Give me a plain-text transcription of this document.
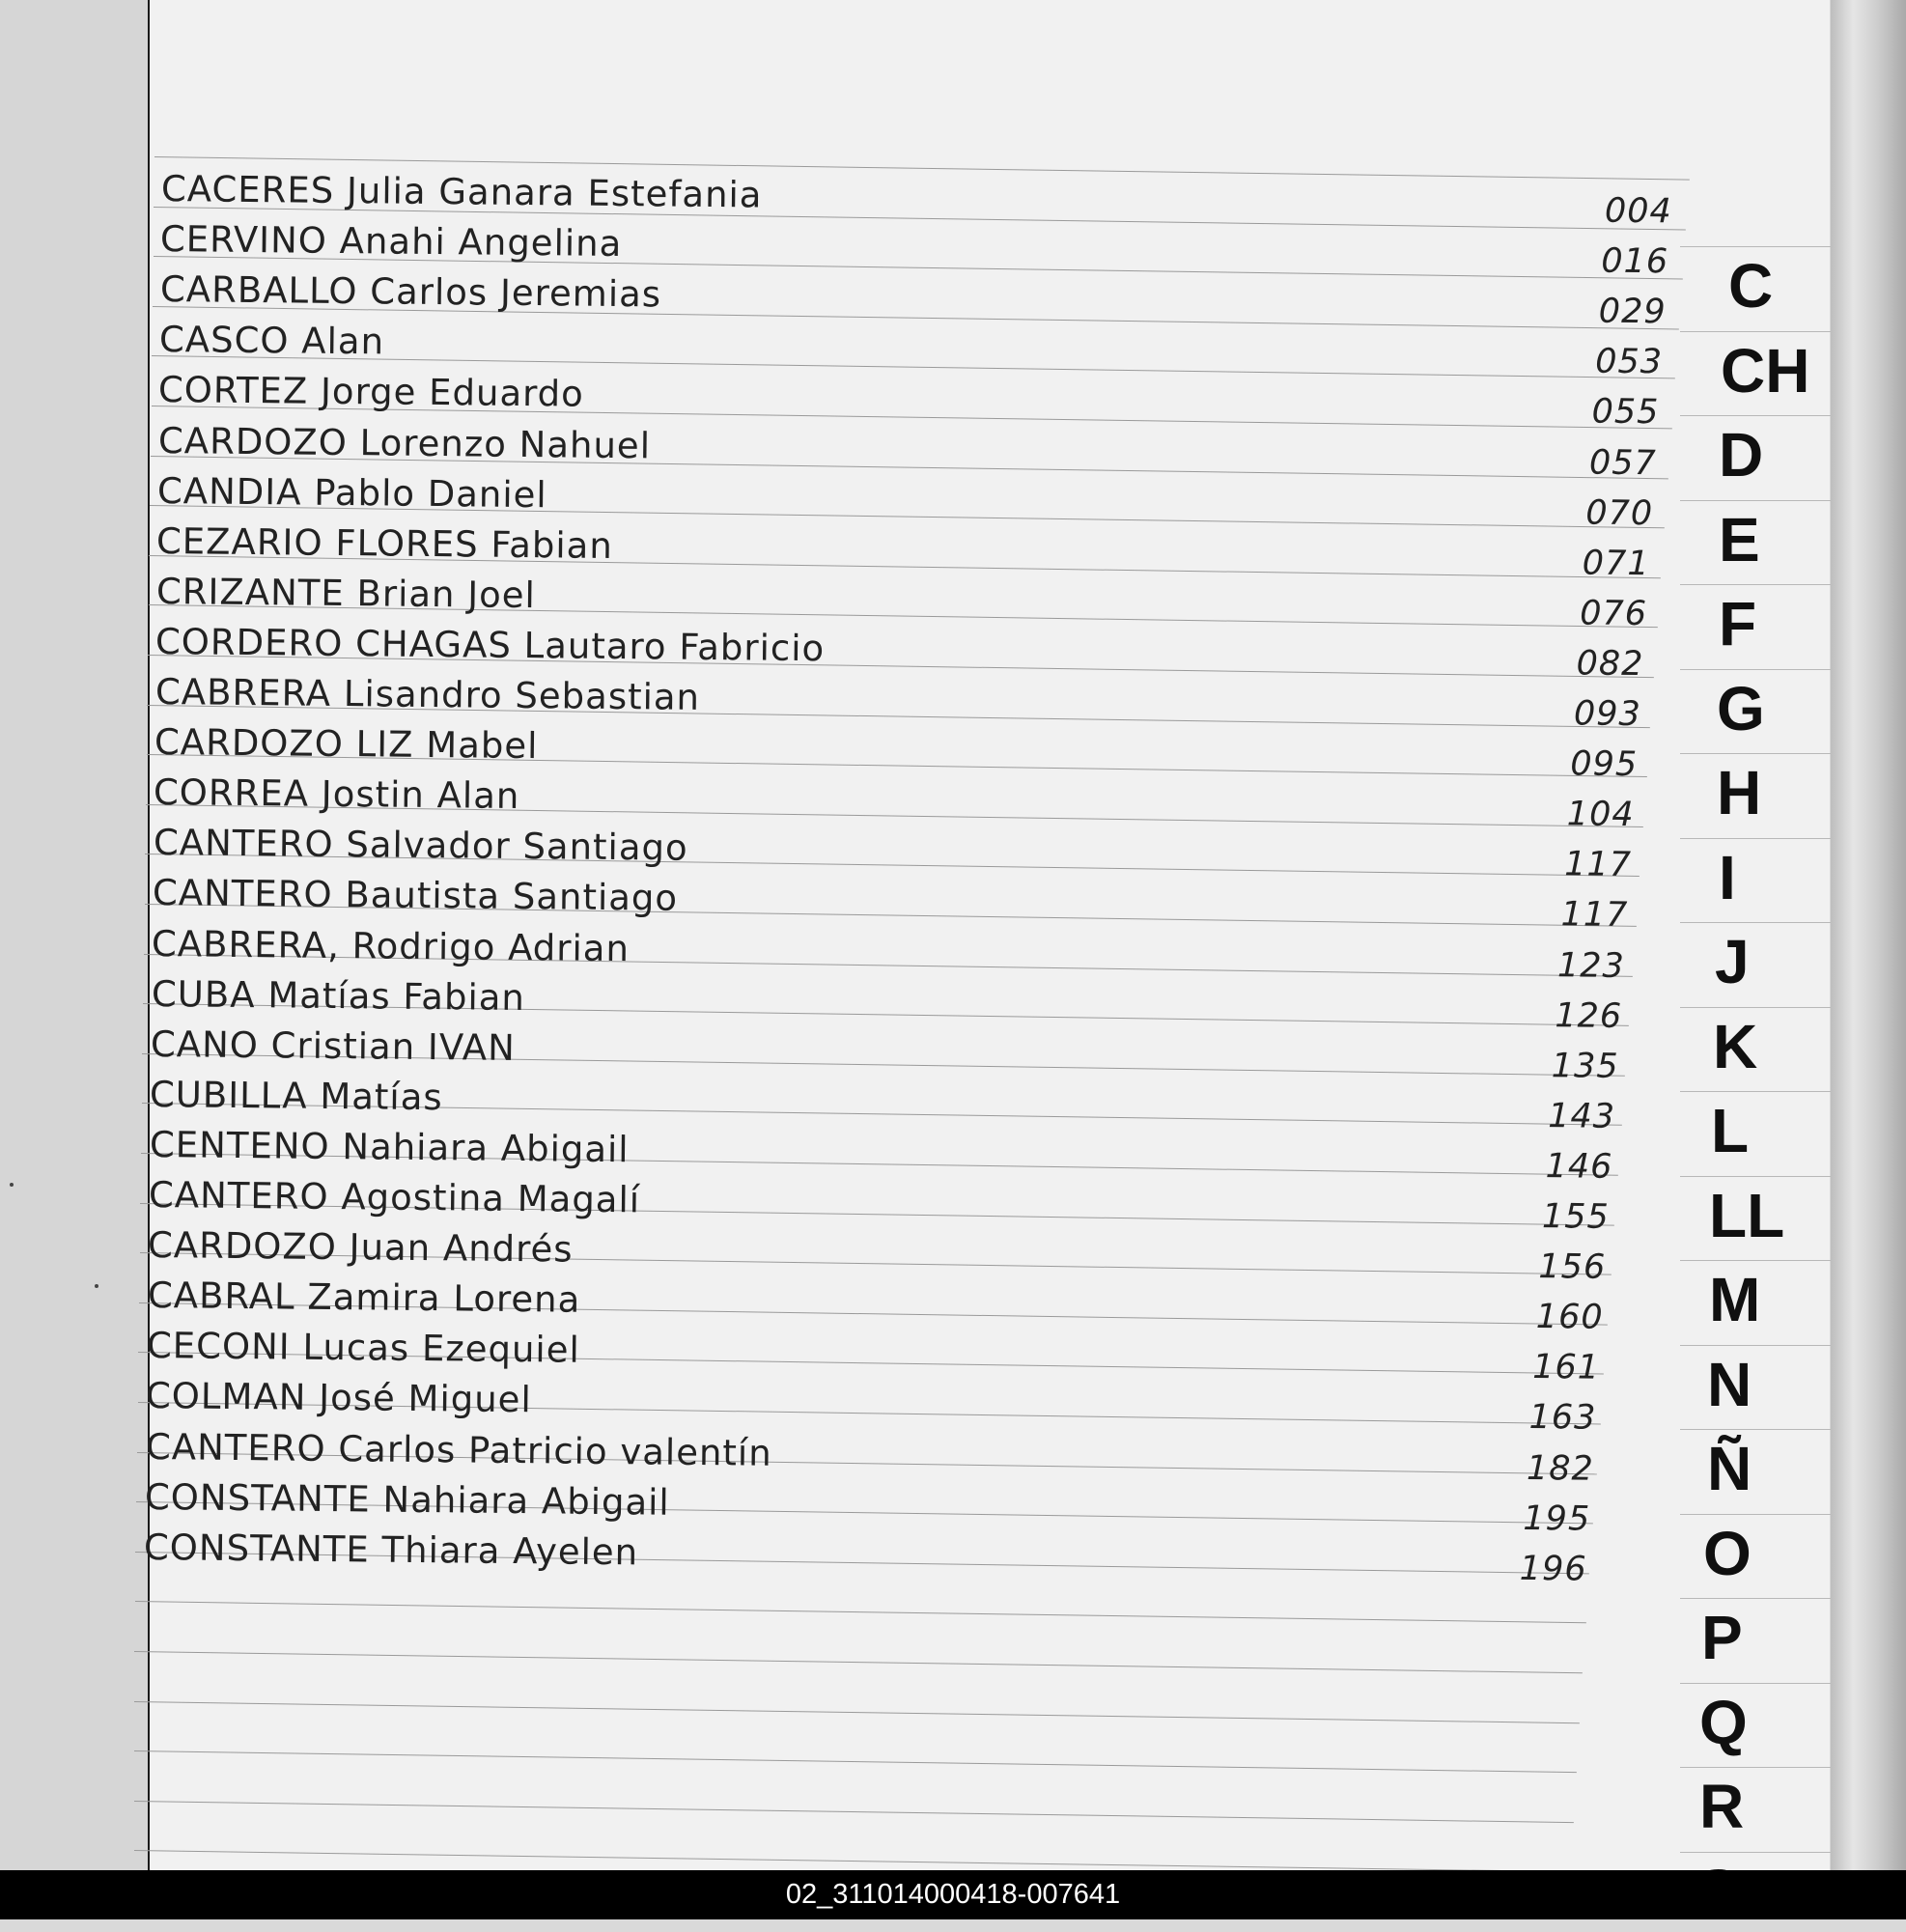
CACERES Julia Ganara Estefania	004
CERVINO Anahi Angelina	016
CARBALLO Carlos Jeremias	029
CASCO Alan	053
CORTEZ Jorge Eduardo	055
CARDOZO Lorenzo Nahuel	057
CANDIA Pablo Daniel	070
CEZARIO FLORES Fabian	071
CRIZANTE Brian Joel	076
CORDERO CHAGAS Lautaro Fabricio	082
CABRERA Lisandro Sebastian	093
CARDOZO LIZ Mabel	095
CORREA Jostin Alan	104
CANTERO Salvador Santiago	117
CANTERO Bautista Santiago	117
CABRERA, Rodrigo Adrian	123
CUBA Matías Fabian	126
CANO Cristian IVAN	135
CUBILLA Matías	143
CENTENO Nahiara Abigail	146
CANTERO Agostina Magalí	155
CARDOZO Juan Andrés	156
CABRAL Zamira Lorena	160
CECONI Lucas Ezequiel	161
COLMAN José Miguel	163
CANTERO Carlos Patricio valentín	182
CONSTANTE Nahiara Abigail	195
CONSTANTE Thiara Ayelen	196
C
CH
D
E
F
G
H
I
J
K
L
LL
M
N
Ñ
O
P
Q
R
02_311014000418-007641
